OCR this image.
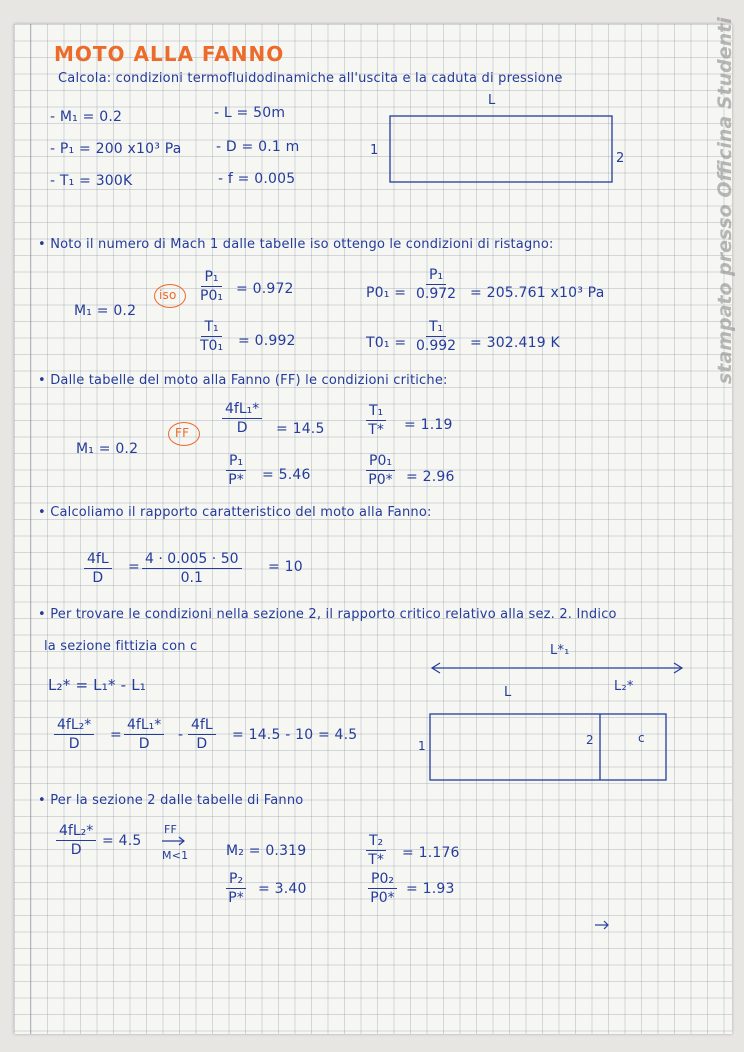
MOTO ALLA FANNO
Calcola: condizioni termofluidodinamiche all'uscita e la caduta di pressione
- M₁ = 0.2
- P₁ = 200 x10³ Pa
- T₁ = 300K
- L = 50m
- D = 0.1 m
- f = 0.005
L
1
2
• Noto il numero di Mach 1 dalle tabelle iso ottengo le condizioni di ristagno:
M₁ = 0.2
iso $\frac{\text{P₁}}{\text{P0₁}} = 0.972$
$\frac{\text{T₁}}{\text{T0₁}} = 0.992$
$P0_1 = \frac{\text{P₁}}{0.972} = 205.761$ x10³ Pa
$T0_1 = \frac{\text{T₁}}{0.992} = 302.419$ K
• Dalle tabelle del moto alla Fanno (FF) le condizioni critiche:
M₁ = 0.2
FF $\frac{\text{4fL₁*}}{D} = 14.5$	$\frac{\text{T₁}}{T*} = 1.19$
$\frac{\text{P₁}}{P*} = 5.46$	$\frac{\text{P0₁}}{P0*} = 2.96$
• Calcoliamo il rapporto caratteristico del moto alla Fanno:
$\frac{4fL}{D} = \frac{4 \cdot 0.005 \cdot 50}{0.1} = 10$
• Per trovare le condizioni nella sezione 2, il rapporto critico relativo alla sez. 2. Indico
la sezione fittizia con c
L₂* = L₁* - L₁
$\frac{\text{4fL₂*}}{D} = \frac{\text{4fL₁*}}{D} - \frac{4fL}{D} = 14.5 - 10 = 4.5$
L*₁
L	L₂*
1	2	c
• Per la sezione 2 dalle tabelle di Fanno
$\frac{\text{4fL₂*}}{D} = 4.5$
FF
M<1	M₂ = 0.319	$\frac{\text{T₂}}{T*} = 1.176$
$\frac{\text{P₂}}{P*} = 3.40$	$\frac{\text{P0₂}}{P0*} = 1.93$
stampato presso Officina Studenti
